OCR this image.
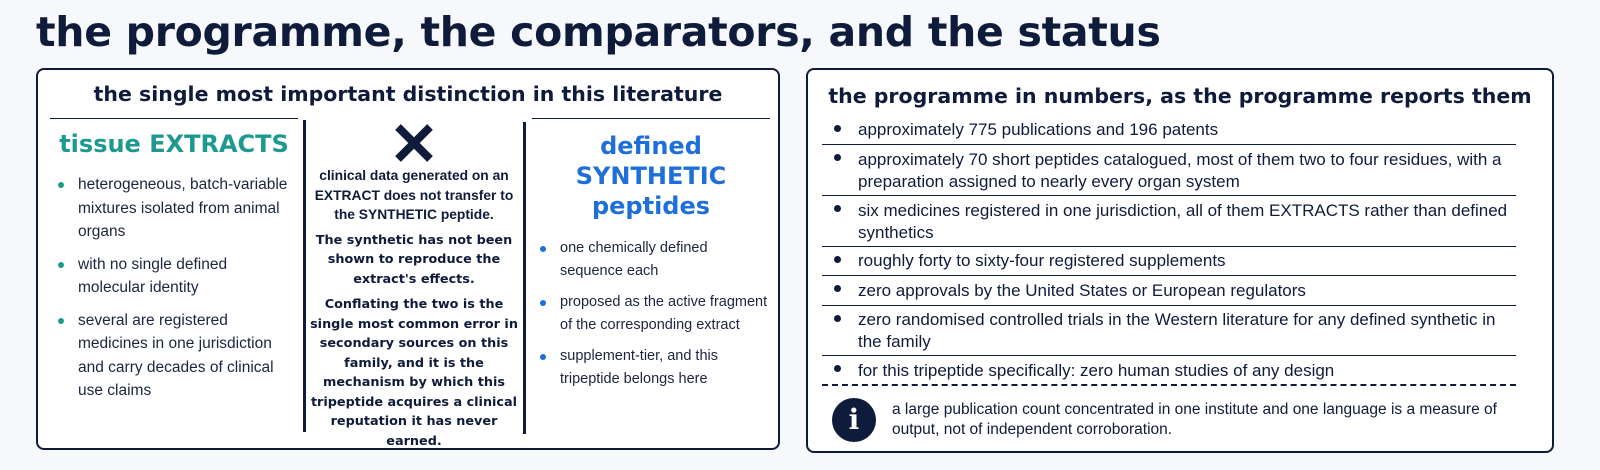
the programme, the comparators, and the status
the single most important distinction in this literature
tissue EXTRACTS
heterogeneous, batch-variable mixtures isolated from animal organs
with no single defined molecular identity
several are registered medicines in one jurisdiction and carry decades of clinical use claims
clinical data generated on an EXTRACT does not transfer to the SYNTHETIC peptide.
The synthetic has not been shown to reproduce the extract's effects.
Conflating the two is the single most common error in secondary sources on this family, and it is the mechanism by which this tripeptide acquires a clinical reputation it has never earned.
defined SYNTHETIC peptides
one chemically defined sequence each
proposed as the active fragment of the corresponding extract
supplement-tier, and this tripeptide belongs here
the programme in numbers, as the programme reports them
approximately 775 publications and 196 patents
approximately 70 short peptides catalogued, most of them two to four residues, with a preparation assigned to nearly every organ system
six medicines registered in one jurisdiction, all of them EXTRACTS rather than defined synthetics
roughly forty to sixty-four registered supplements
zero approvals by the United States or European regulators
zero randomised controlled trials in the Western literature for any defined synthetic in the family
for this tripeptide specifically: zero human studies of any design
i	a large publication count concentrated in one institute and one language is a measure of output, not of independent corroboration.
